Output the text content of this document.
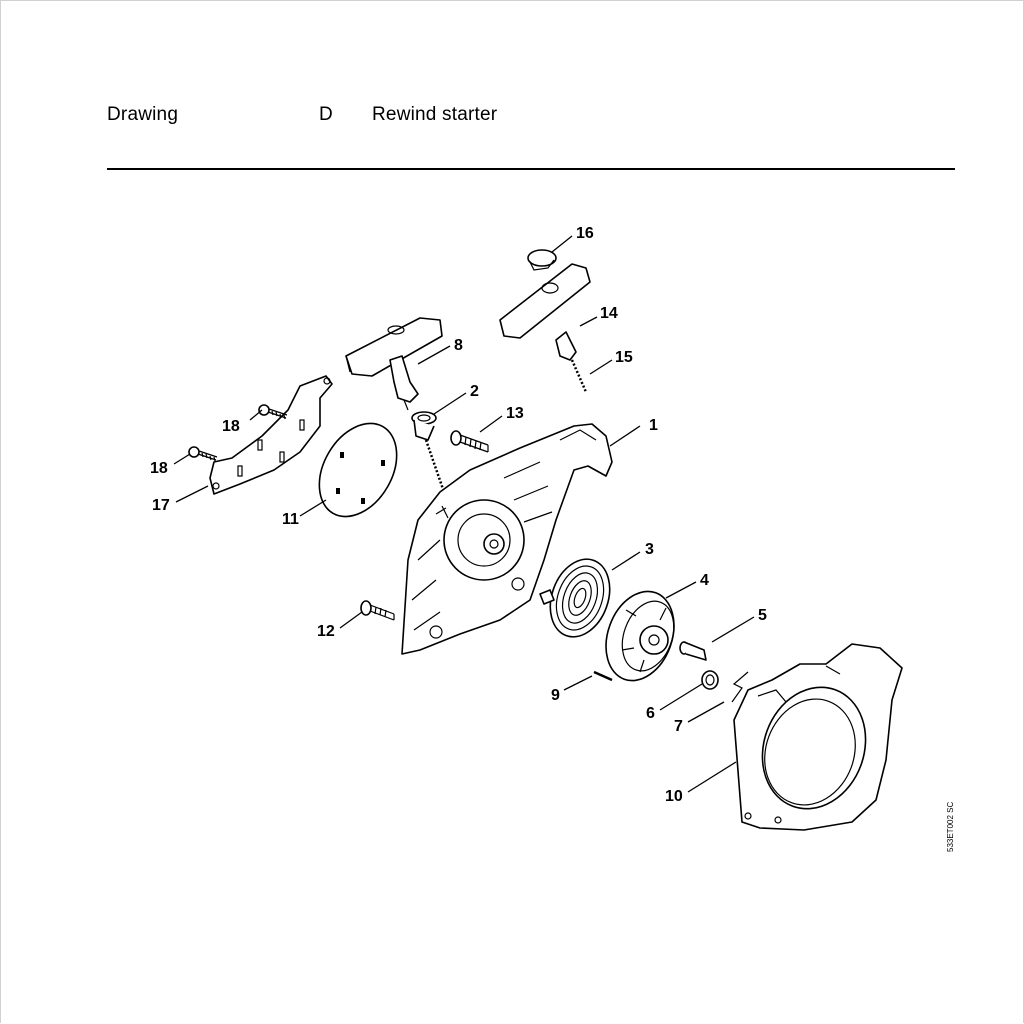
Drawing	D Rewind starter
1
2
3
4
5
6
7
8
9
10
11
12
13
14
15
16
17
18
18
533ET002 SC
